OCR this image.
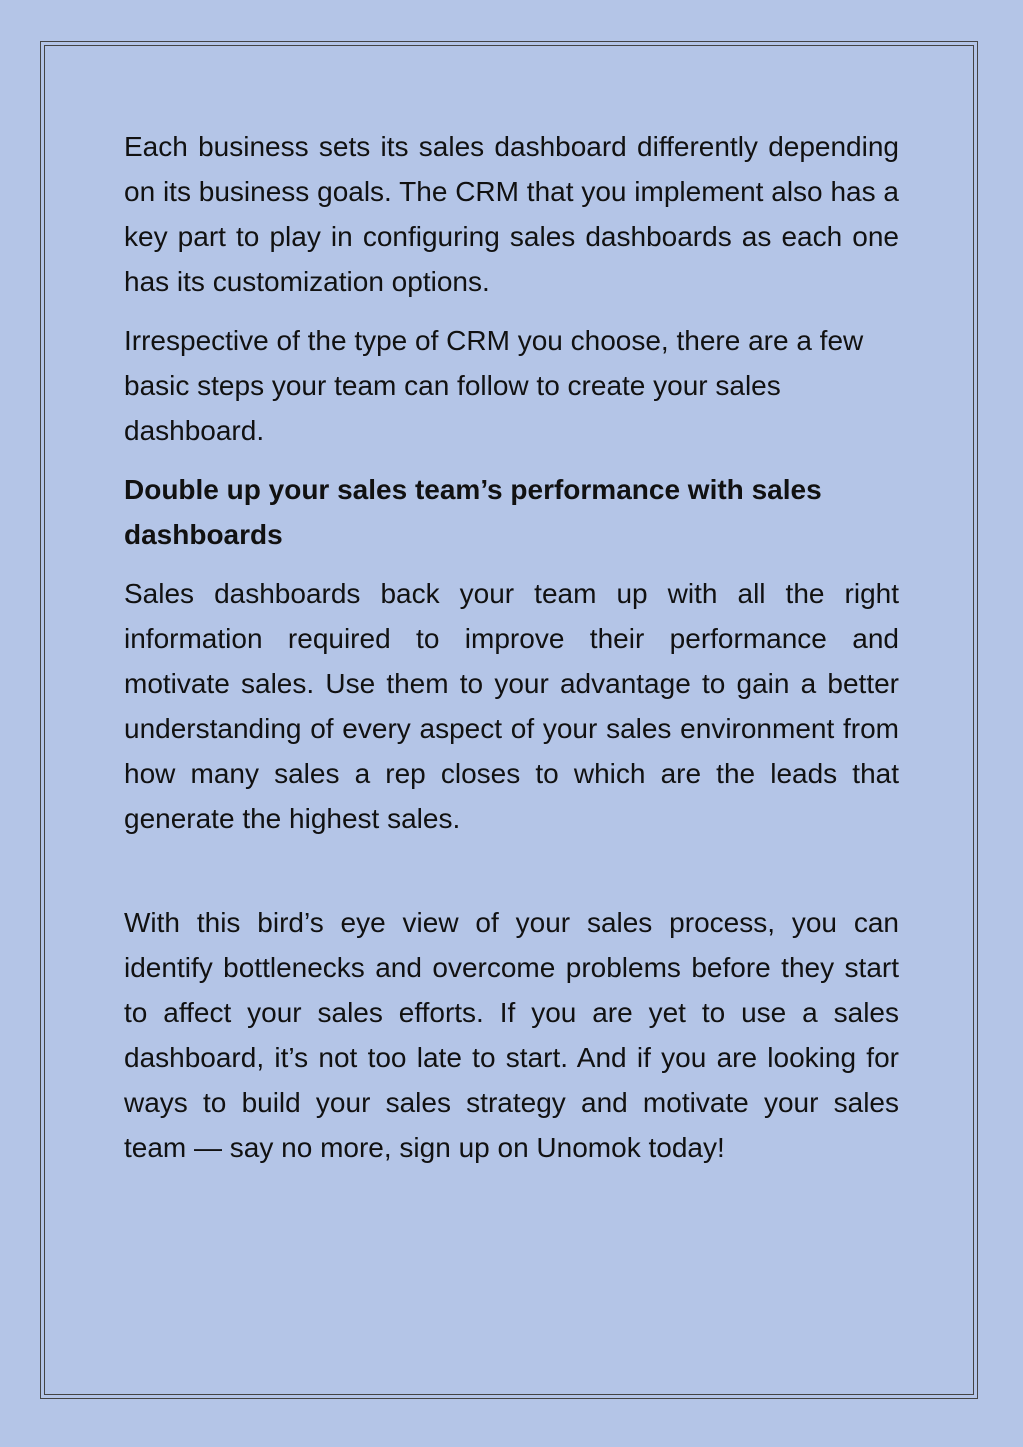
Each business sets its sales dashboard differently depending on its business goals. The CRM that you implement also has a key part to play in configuring sales dashboards as each one has its customization options.

Irrespective of the type of CRM you choose, there are a few basic steps your team can follow to create your sales dashboard.

Double up your sales team’s performance with sales dashboards

Sales dashboards back your team up with all the right information required to improve their performance and motivate sales. Use them to your advantage to gain a better understanding of every aspect of your sales environment from how many sales a rep closes to which are the leads that generate the highest sales.

With this bird’s eye view of your sales process, you can identify bottlenecks and overcome problems before they start to affect your sales efforts. If you are yet to use a sales dashboard, it’s not too late to start. And if you are looking for ways to build your sales strategy and motivate your sales team — say no more, sign up on Unomok today!
